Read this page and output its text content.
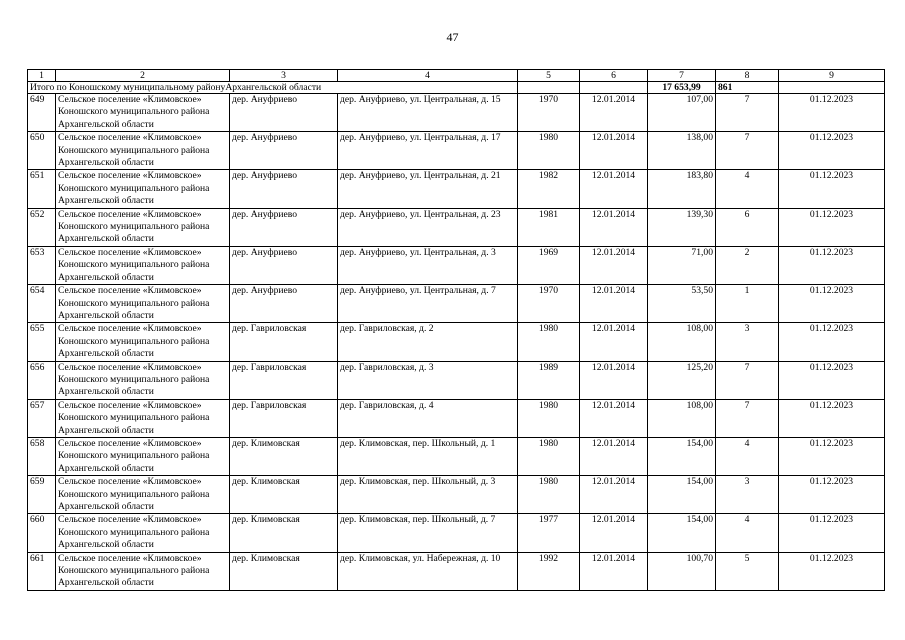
47
1	2	3	4	5	6	7	8	9
Итого по Коношскому муниципальному районуАрхангельской области						17 653,99	861	
649	Сельское поселение «Климовское» Коношского муниципального района Архангельской области	дер. Ануфриево	дер. Ануфриево, ул. Центральная, д. 15	1970	12.01.2014	107,00	7	01.12.2023
650	Сельское поселение «Климовское» Коношского муниципального района Архангельской области	дер. Ануфриево	дер. Ануфриево, ул. Центральная, д. 17	1980	12.01.2014	138,00	7	01.12.2023
651	Сельское поселение «Климовское» Коношского муниципального района Архангельской области	дер. Ануфриево	дер. Ануфриево, ул. Центральная, д. 21	1982	12.01.2014	183,80	4	01.12.2023
652	Сельское поселение «Климовское» Коношского муниципального района Архангельской области	дер. Ануфриево	дер. Ануфриево, ул. Центральная, д. 23	1981	12.01.2014	139,30	6	01.12.2023
653	Сельское поселение «Климовское» Коношского муниципального района Архангельской области	дер. Ануфриево	дер. Ануфриево, ул. Центральная, д. 3	1969	12.01.2014	71,00	2	01.12.2023
654	Сельское поселение «Климовское» Коношского муниципального района Архангельской области	дер. Ануфриево	дер. Ануфриево, ул. Центральная, д. 7	1970	12.01.2014	53,50	1	01.12.2023
655	Сельское поселение «Климовское» Коношского муниципального района Архангельской области	дер. Гавриловская	дер. Гавриловская, д. 2	1980	12.01.2014	108,00	3	01.12.2023
656	Сельское поселение «Климовское» Коношского муниципального района Архангельской области	дер. Гавриловская	дер. Гавриловская, д. 3	1989	12.01.2014	125,20	7	01.12.2023
657	Сельское поселение «Климовское» Коношского муниципального района Архангельской области	дер. Гавриловская	дер. Гавриловская, д. 4	1980	12.01.2014	108,00	7	01.12.2023
658	Сельское поселение «Климовское» Коношского муниципального района Архангельской области	дер. Климовская	дер. Климовская, пер. Школьный, д. 1	1980	12.01.2014	154,00	4	01.12.2023
659	Сельское поселение «Климовское» Коношского муниципального района Архангельской области	дер. Климовская	дер. Климовская, пер. Школьный, д. 3	1980	12.01.2014	154,00	3	01.12.2023
660	Сельское поселение «Климовское» Коношского муниципального района Архангельской области	дер. Климовская	дер. Климовская, пер. Школьный, д. 7	1977	12.01.2014	154,00	4	01.12.2023
661	Сельское поселение «Климовское» Коношского муниципального района Архангельской области	дер. Климовская	дер. Климовская, ул. Набережная, д. 10	1992	12.01.2014	100,70	5	01.12.2023
